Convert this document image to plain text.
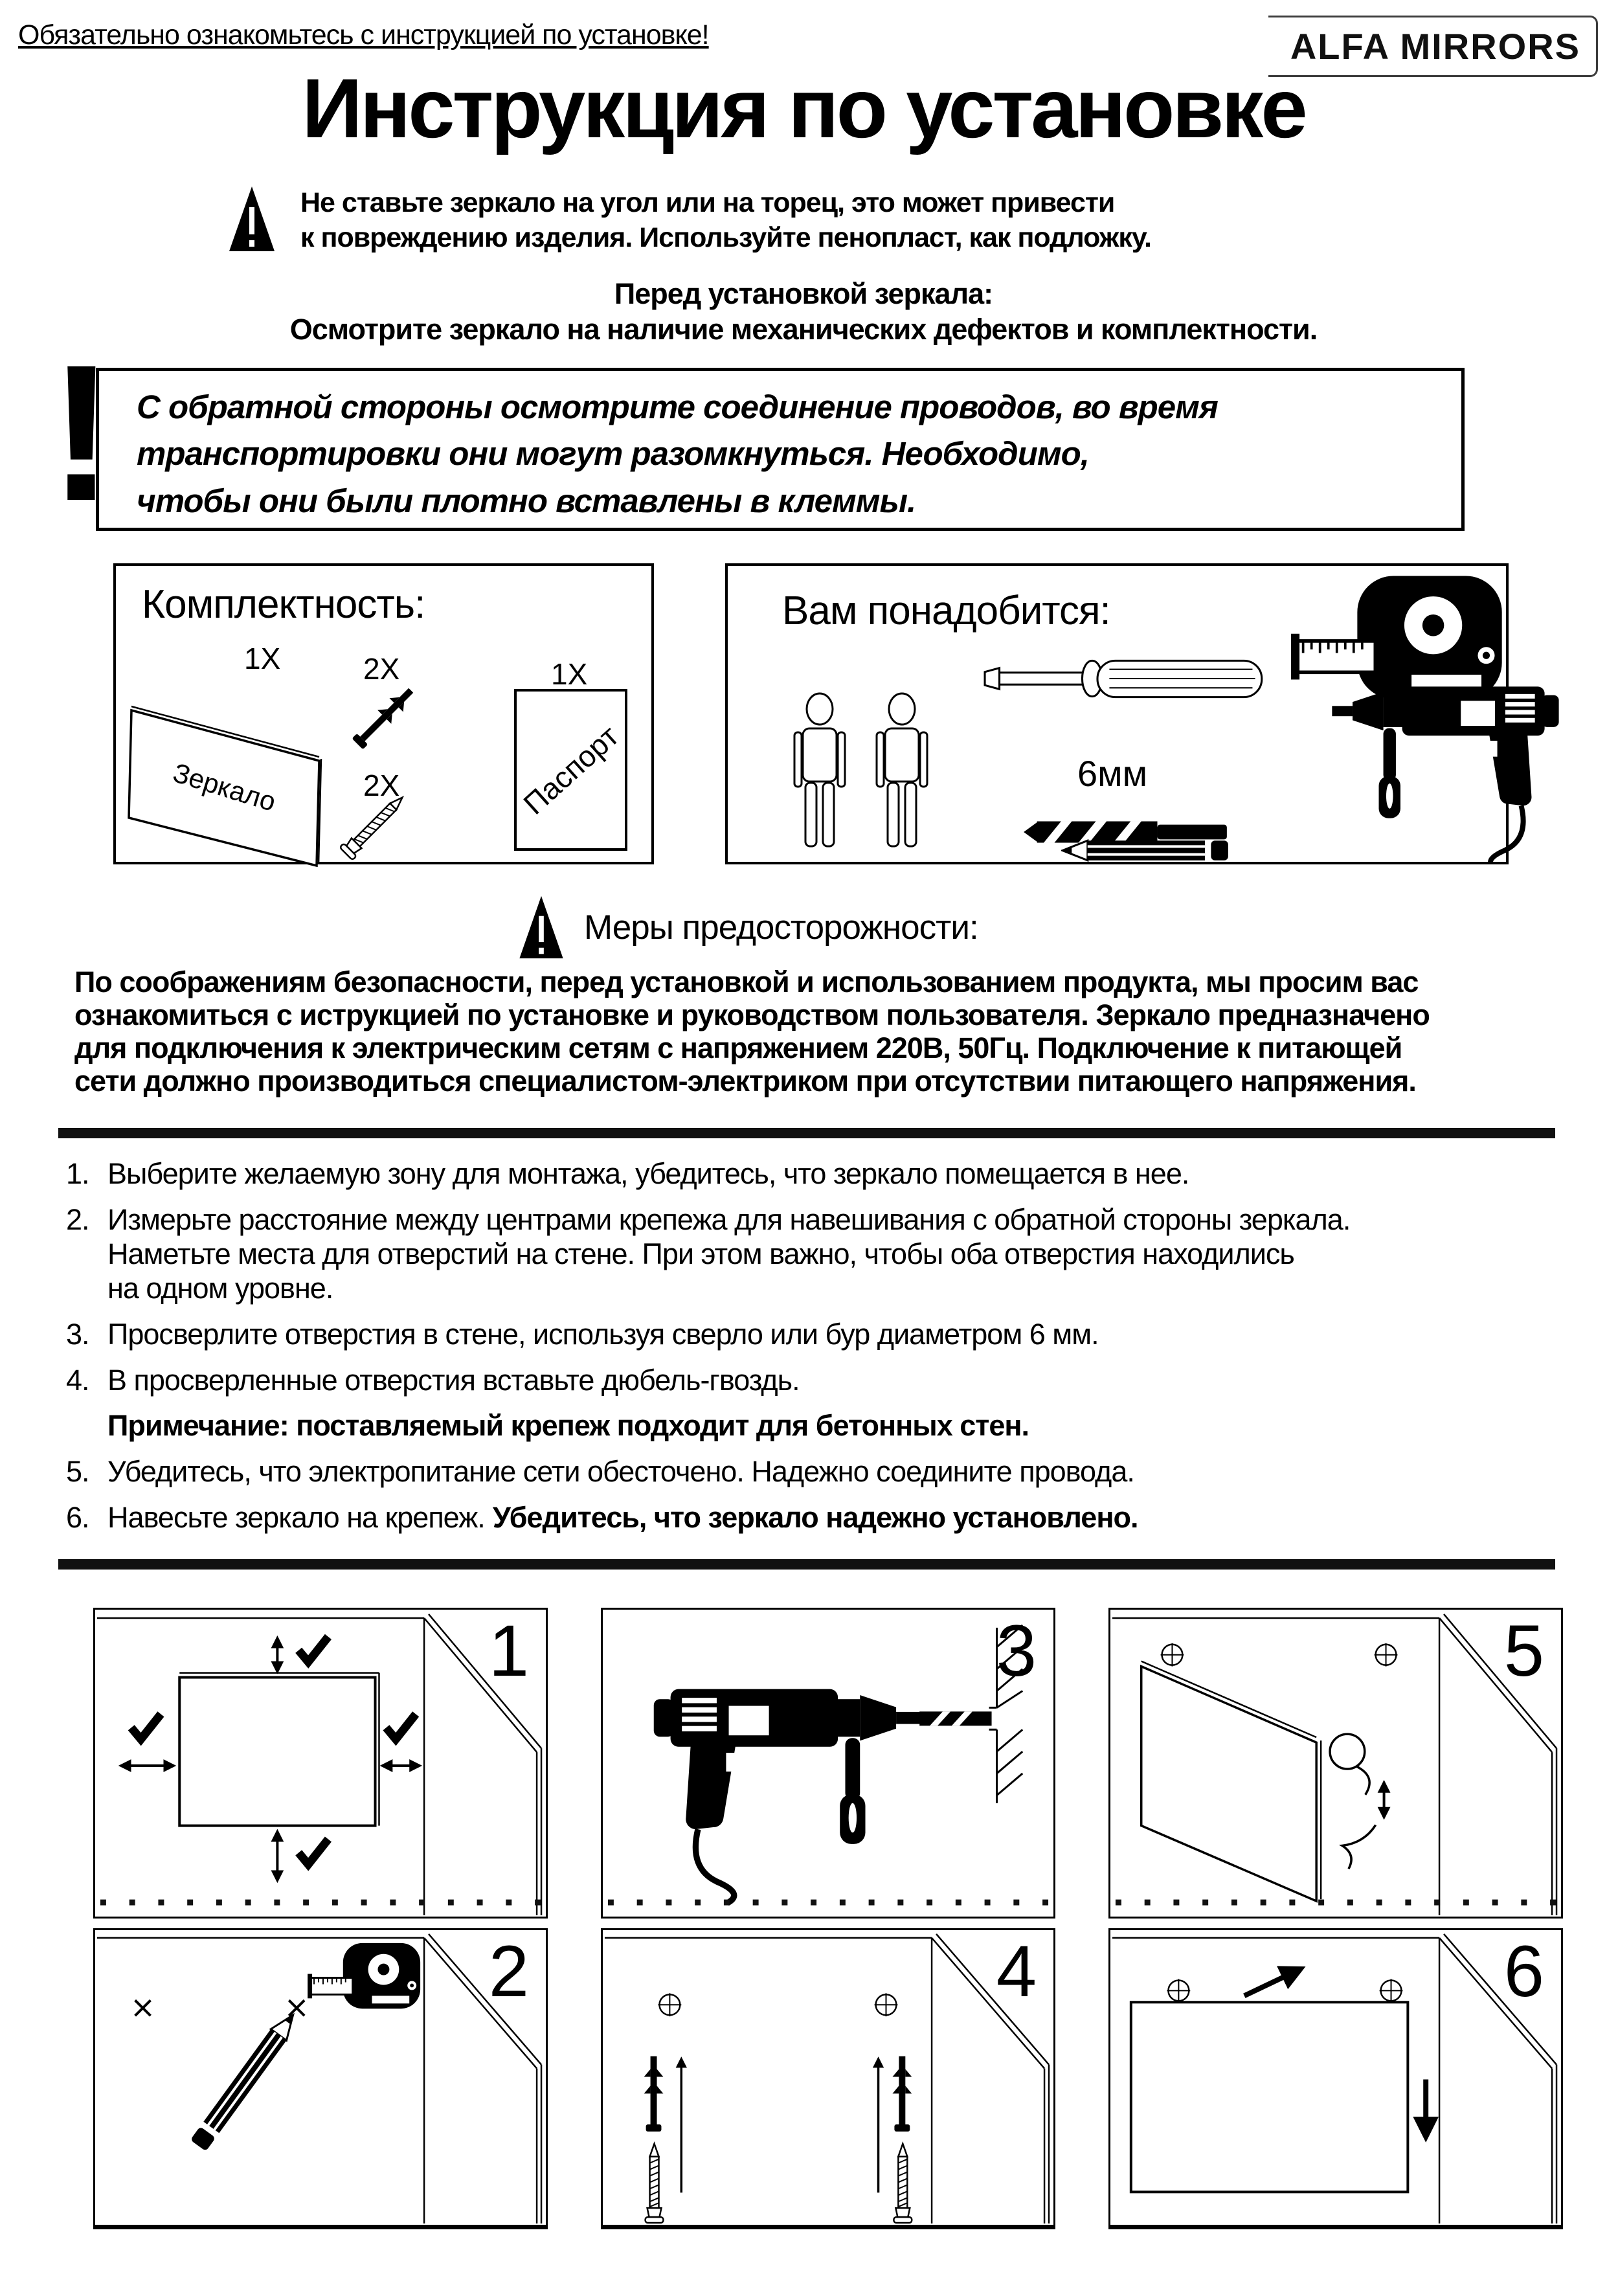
Обязательно ознакомьтесь с инструкцией по установке!	ALFA MIRRORS
Инструкция по установке
Не ставьте зеркало на угол или на торец, это может привести
к повреждению изделия. Используйте пенопласт, как подложку.
Перед установкой зеркала:
Осмотрите зеркало на наличие механических дефектов и комплектности.
! С обратной стороны осмотрите соединение проводов, во время
транспортировки они могут разомкнуться. Необходимо,
чтобы они были плотно вставлены в клеммы.
Комплектность:
1X
Зеркало
2X
2X
1X
Паспорт
Вам понадобится:
6мм
Меры предосторожности:
По соображениям безопасности, перед установкой и использованием продукта, мы просим вас
ознакомиться с иструкцией по установке и руководством пользователя. Зеркало предназначено
для подключения к электрическим сетям с напряжением 220В, 50Гц. Подключение к питающей
сети должно производиться специалистом-электриком при отсутствии питающего напряжения.
1. Выберите желаемую зону для монтажа, убедитесь, что зеркало помещается в нее.
2. Измерьте расстояние между центрами крепежа для навешивания с обратной стороны зеркала.
Наметьте места для отверстий на стене. При этом важно, чтобы оба отверстия находились
на одном уровне.
3. Просверлите отверстия в стене, используя сверло или бур диаметром 6 мм.
4. В просверленные отверстия вставьте дюбель-гвоздь.
Примечание: поставляемый крепеж подходит для бетонных стен.
5. Убедитесь, что электропитание сети обесточено. Надежно соедините провода.
6. Навесьте зеркало на крепеж. Убедитесь, что зеркало надежно установлено.
1
2
3
4
5
6
